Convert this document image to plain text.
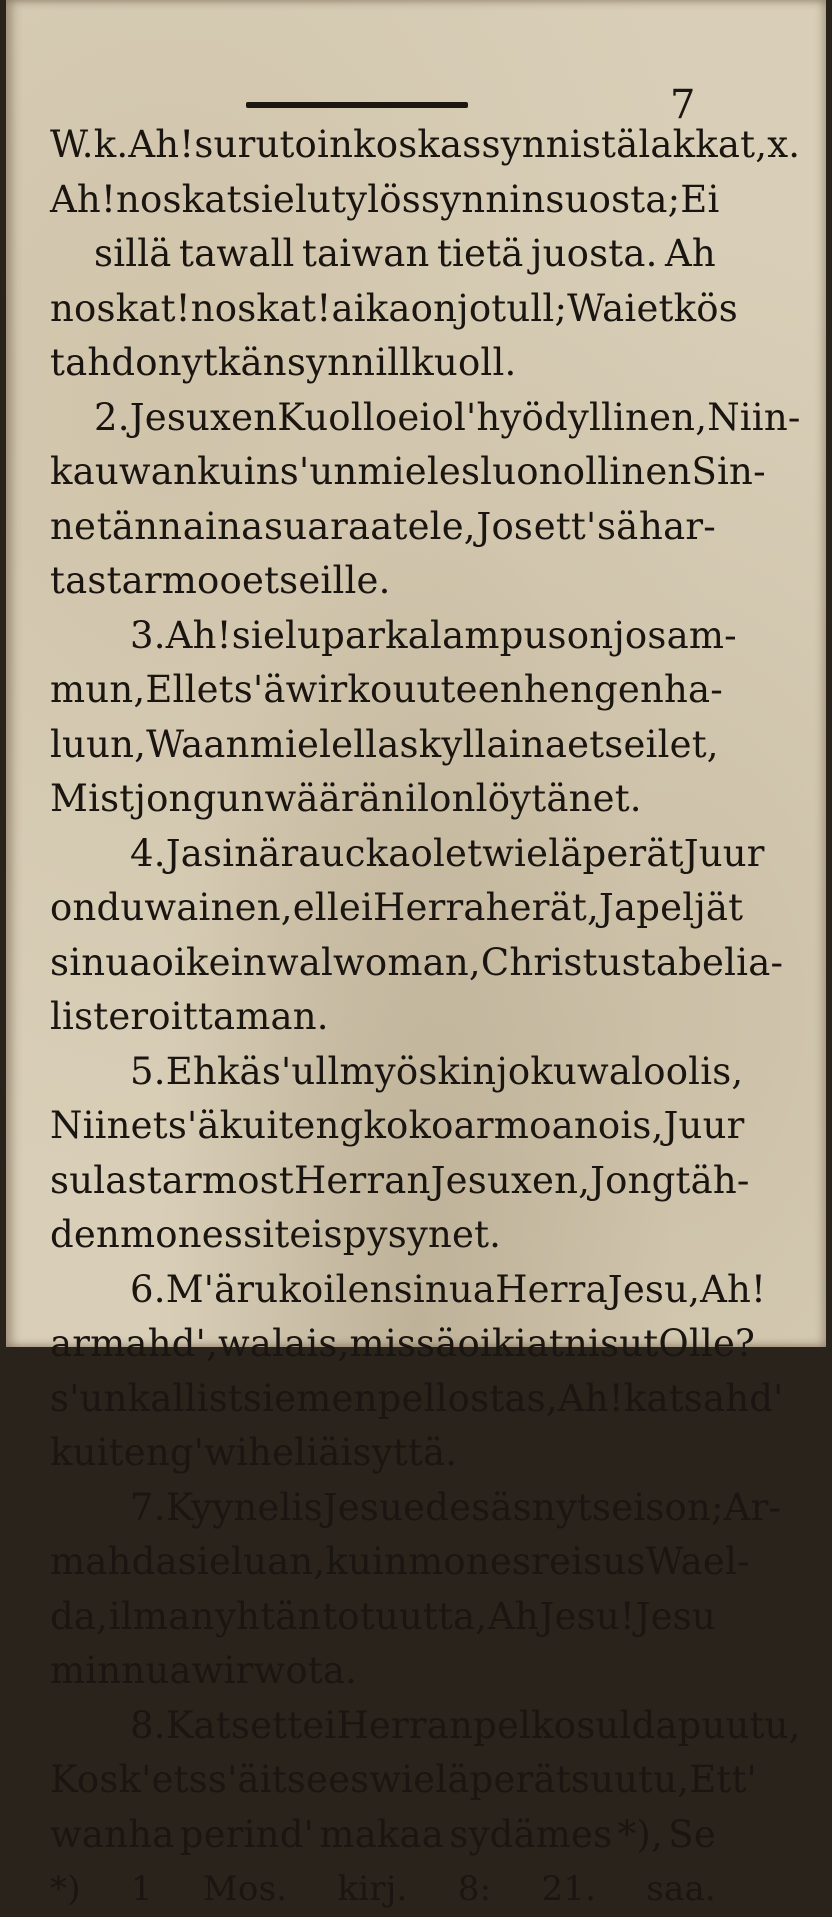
7
W. k. Ah! surutoin koskas synnistä lakkat, x.
Ah! noskat sielut ylös synnin suosta; Ei
sillä tawall taiwan tietä juosta. Ah
noskat! noskat! aika on jo tull; Wai etkös
tahdo nytkän synnill kuoll.
2. Jesuxen Kuollo ei ol' hyödyllinen, Niin-
kauwan kuin s'un mieles luonollinen Sin-
ne tänn aina sua raatele, Jos ett' sä har-
tast armoo etseille.
3. Ah! sielu parka lampus on jo sam-
mun, Ellet s'ä wirko uuteen hengen ha-
luun, Waan mielellas kyll aina etseilet,
Mist jongun wäärän ilon löytänet.
4. Ja sinä raucka olet wielä perät Juur
onduwainen, ellei Herra herät, Ja peljät
sinua oikein walwoman, Christusta belia-
list eroittaman.
5. Ehkä s'ull myöskin joku walo olis,
Niin et s'ä kuiteng koko armo anois, Juur
sulast armost Herran Jesuxen, Jong täh-
den mones siteis pysynet.
6. M'ä rukoilen sinua Herra Jesu, Ah!
armahd', walais, missä oikiat nisut Olle?
s'un kallist siemen pellostas, Ah! katsahd'
kuiteng' wiheliäisyttä.
7. Kyynelis Jesu edesäs nyt seison; Ar-
mahda sieluan, kuin mones reisus Wael-
da, ilman yhtän totuutta, Ah Jesu! Jesu
minnua wirwota.
8. Kats ettei Herran pelko sulda puutu,
Kosk' ets s'ä itsees wielä perät suutu, Ett'
wanha perind' makaa sydämes *), Se
*) 1 Mos. kirj. 8: 21. saa.
